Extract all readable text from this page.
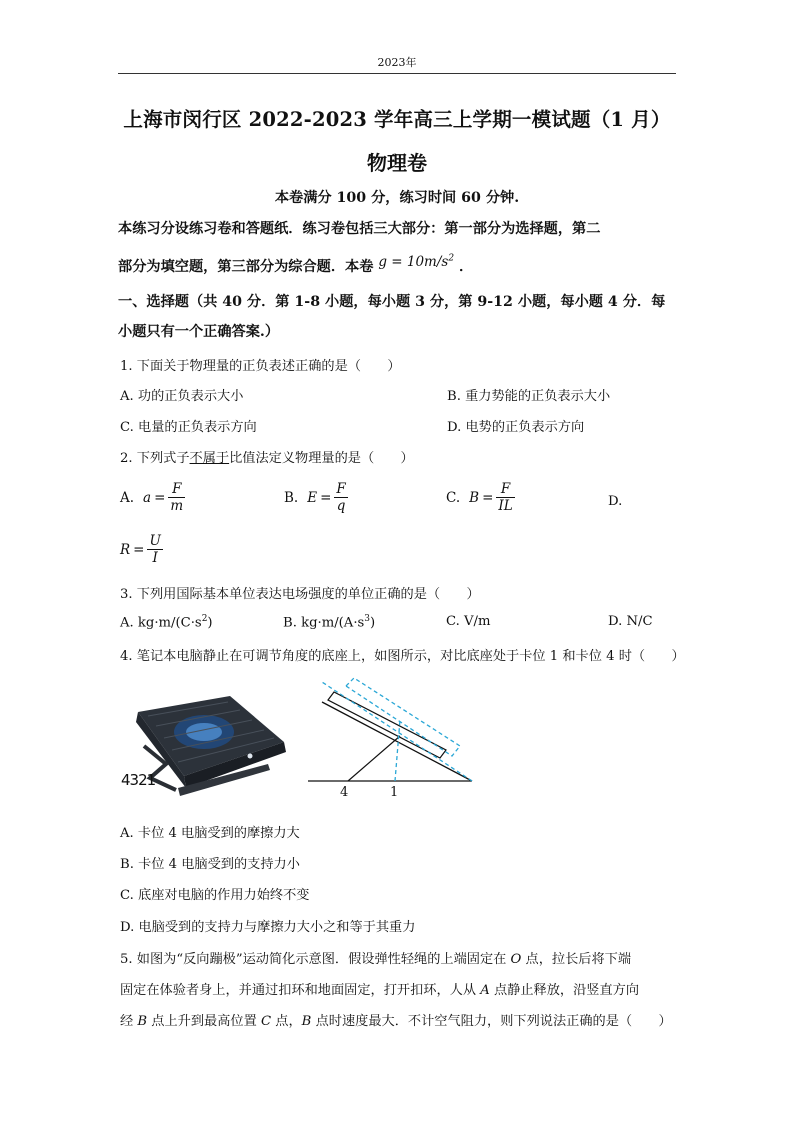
2023年
上海市闵行区 2022-2023 学年高三上学期一模试题（1 月）
物理卷
本卷满分 100 分，练习时间 60 分钟.
本练习分设练习卷和答题纸．练习卷包括三大部分：第一部分为选择题，第二
部分为填空题，第三部分为综合题．本卷 $g = 10m/s^2$ ．
一、选择题（共 40 分．第 1-8 小题，每小题 3 分，第 9-12 小题，每小题 4 分．每
小题只有一个正确答案.）
1. 下面关于物理量的正负表述正确的是（　　）
A. 功的正负表示大小	B. 重力势能的正负表示大小
C. 电量的正负表示方向	D. 电势的正负表示方向
2. 下列式子不属于比值法定义物理量的是（　　）
A. $a = \frac{F}{m}$	B. $E = \frac{F}{q}$	C. $B = \frac{F}{IL}$	D.
$R = \frac{U}{I}$
3. 下列用国际基本单位表达电场强度的单位正确的是（　　）
A. $kg\cdot m/(C\cdot s^2)$	B. $kg\cdot m/(A\cdot s^3)$	C. V/m	D. N/C
4. 笔记本电脑静止在可调节角度的底座上，如图所示，对比底座处于卡位 1 和卡位 4 时（　　）
4321
4	1
A. 卡位 4 电脑受到的摩擦力大
B. 卡位 4 电脑受到的支持力小
C. 底座对电脑的作用力始终不变
D. 电脑受到的支持力与摩擦力大小之和等于其重力
5. 如图为“反向蹦极”运动简化示意图．假设弹性轻绳的上端固定在 O 点，拉长后将下端
固定在体验者身上，并通过扣环和地面固定，打开扣环，人从 A 点静止释放，沿竖直方向
经 B 点上升到最高位置 C 点，B 点时速度最大．不计空气阻力，则下列说法正确的是（　　）
